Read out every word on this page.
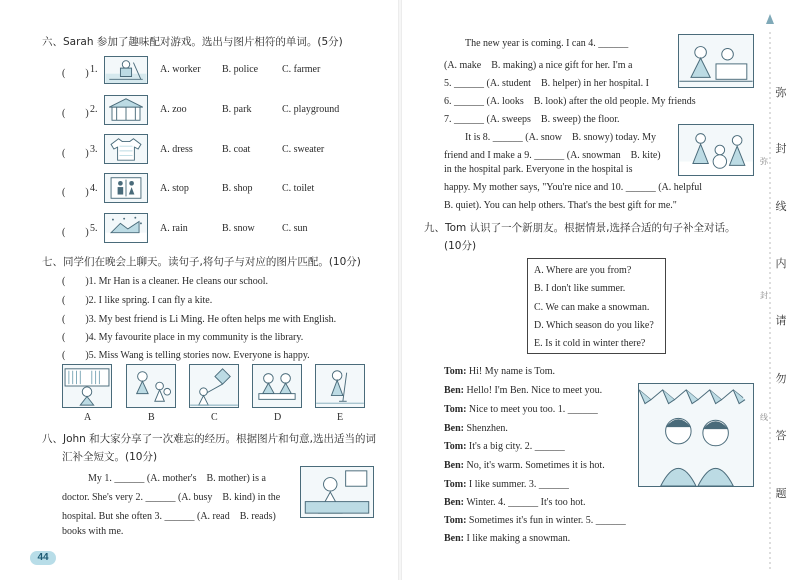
六、Sarah 参加了趣味配对游戏。选出与图片相符的单词。(5分)
(　　) 1.	A. worker B. police C. farmer
(　　) 2.	A. zoo	B. park	C. playground
(　　) 3.	A. dress	B. coat	C. sweater
(　　) 4.	A. stop	B. shop	C. toilet
(　　) 5.	A. rain	B. snow	C. sun
七、同学们在晚会上聊天。读句子,将句子与对应的图片匹配。(10分)
(　　)1. Mr Han is a cleaner. He cleans our school.
(　　)2. I like spring. I can fly a kite.
(　　)3. My best friend is Li Ming. He often helps me with English.
(　　)4. My favourite place in my community is the library.
(　　)5. Miss Wang is telling stories now. Everyone is happy.
A	B	C	D	E
八、John 和大家分享了一次难忘的经历。根据图片和句意,选出适当的词
汇补全短文。(10分)
My 1. ______ (A. mother's　B. mother) is a
doctor. She's very 2. ______ (A. busy　B. kind) in the
hospital. But she often 3. ______ (A. read　B. reads)
books with me.
44
The new year is coming. I can 4. ______
(A. make　B. making) a nice gift for her. I'm a
5. ______ (A. student　B. helper) in her hospital. I
6. ______ (A. looks　B. look) after the old people. My friends
7. ______ (A. sweeps　B. sweep) the floor.
It is 8. ______ (A. snow　B. snowy) today. My
friend and I make a 9. ______ (A. snowman　B. kite)
in the hospital park. Everyone in the hospital is
happy. My mother says, "You're nice and 10. ______ (A. helpful
B. quiet). You can help others. That's the best gift for me."
九、Tom 认识了一个新朋友。根据情景,选择合适的句子补全对话。
(10分)
A. Where are you from?
B. I don't like summer.
C. We can make a snowman.
D. Which season do you like?
E. Is it cold in winter there?
Tom: Hi! My name is Tom.
Ben: Hello! I'm Ben. Nice to meet you.
Tom: Nice to meet you too. 1. ______
Ben: Shenzhen.
Tom: It's a big city. 2. ______
Ben: No, it's warm. Sometimes it is hot.
Tom: I like summer. 3. ______
Ben: Winter. 4. ______ It's too hot.
Tom: Sometimes it's fun in winter. 5. ______
Ben: I like making a snowman.
弥
封
线
内
请
勿
答
题
弥
封
线
